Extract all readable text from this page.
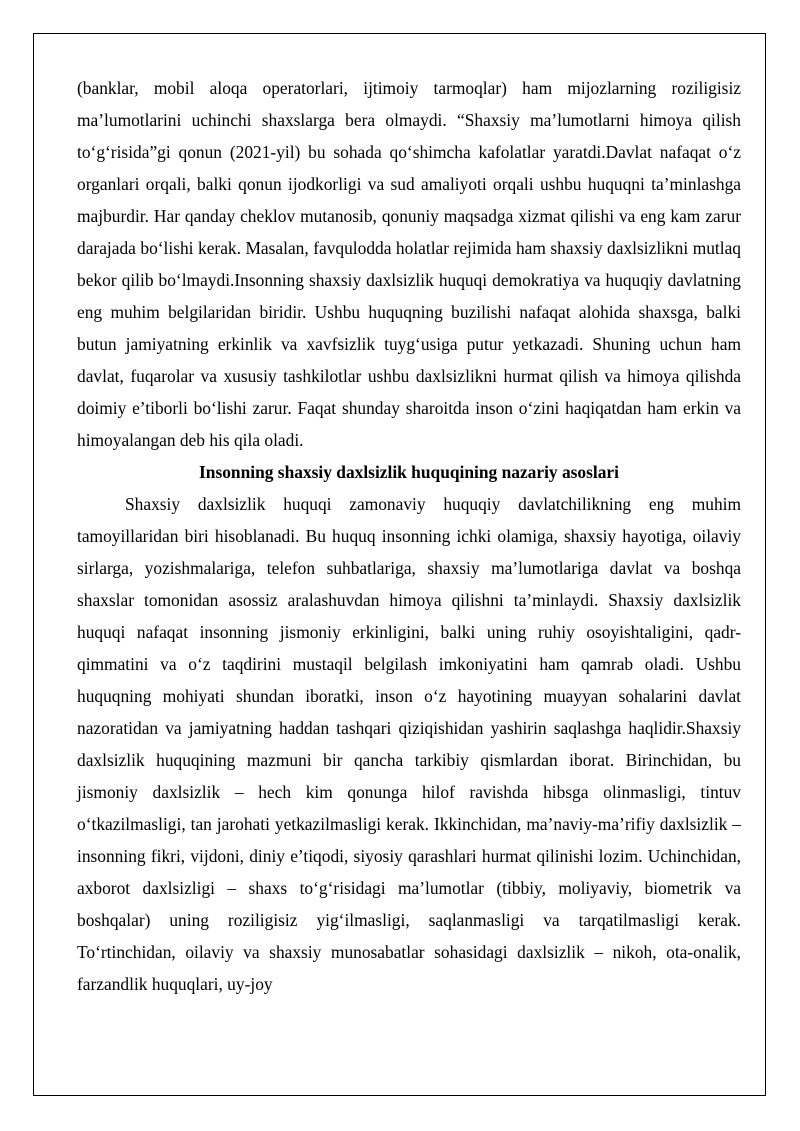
(banklar, mobil aloqa operatorlari, ijtimoiy tarmoqlar) ham mijozlarning roziligisiz ma’lumotlarini uchinchi shaxslarga bera olmaydi. “Shaxsiy ma’lumotlarni himoya qilish to‘g‘risida”gi qonun (2021-yil) bu sohada qo‘shimcha kafolatlar yaratdi.Davlat nafaqat o‘z organlari orqali, balki qonun ijodkorligi va sud amaliyoti orqali ushbu huquqni ta’minlashga majburdir. Har qanday cheklov mutanosib, qonuniy maqsadga xizmat qilishi va eng kam zarur darajada bo‘lishi kerak. Masalan, favqulodda holatlar rejimida ham shaxsiy daxlsizlikni mutlaq bekor qilib bo‘lmaydi.Insonning shaxsiy daxlsizlik huquqi demokratiya va huquqiy davlatning eng muhim belgilaridan biridir. Ushbu huquqning buzilishi nafaqat alohida shaxsga, balki butun jamiyatning erkinlik va xavfsizlik tuyg‘usiga putur yetkazadi. Shuning uchun ham davlat, fuqarolar va xususiy tashkilotlar ushbu daxlsizlikni hurmat qilish va himoya qilishda doimiy e’tiborli bo‘lishi zarur. Faqat shunday sharoitda inson o‘zini haqiqatdan ham erkin va himoyalangan deb his qila oladi.

Insonning shaxsiy daxlsizlik huquqining nazariy asoslari

Shaxsiy daxlsizlik huquqi zamonaviy huquqiy davlatchilikning eng muhim tamoyillaridan biri hisoblanadi. Bu huquq insonning ichki olamiga, shaxsiy hayotiga, oilaviy sirlarga, yozishmalariga, telefon suhbatlariga, shaxsiy ma’lumotlariga davlat va boshqa shaxslar tomonidan asossiz aralashuvdan himoya qilishni ta’minlaydi. Shaxsiy daxlsizlik huquqi nafaqat insonning jismoniy erkinligini, balki uning ruhiy osoyishtaligini, qadr-qimmatini va o‘z taqdirini mustaqil belgilash imkoniyatini ham qamrab oladi. Ushbu huquqning mohiyati shundan iboratki, inson o‘z hayotining muayyan sohalarini davlat nazoratidan va jamiyatning haddan tashqari qiziqishidan yashirin saqlashga haqlidir.Shaxsiy daxlsizlik huquqining mazmuni bir qancha tarkibiy qismlardan iborat. Birinchidan, bu jismoniy daxlsizlik – hech kim qonunga hilof ravishda hibsga olinmasligi, tintuv o‘tkazilmasligi, tan jarohati yetkazilmasligi kerak. Ikkinchidan, ma’naviy-ma’rifiy daxlsizlik – insonning fikri, vijdoni, diniy e’tiqodi, siyosiy qarashlari hurmat qilinishi lozim. Uchinchidan, axborot daxlsizligi – shaxs to‘g‘risidagi ma’lumotlar (tibbiy, moliyaviy, biometrik va boshqalar) uning roziligisiz yig‘ilmasligi, saqlanmasligi va tarqatilmasligi kerak. To‘rtinchidan, oilaviy va shaxsiy munosabatlar sohasidagi daxlsizlik – nikoh, ota-onalik, farzandlik huquqlari, uy-joy
